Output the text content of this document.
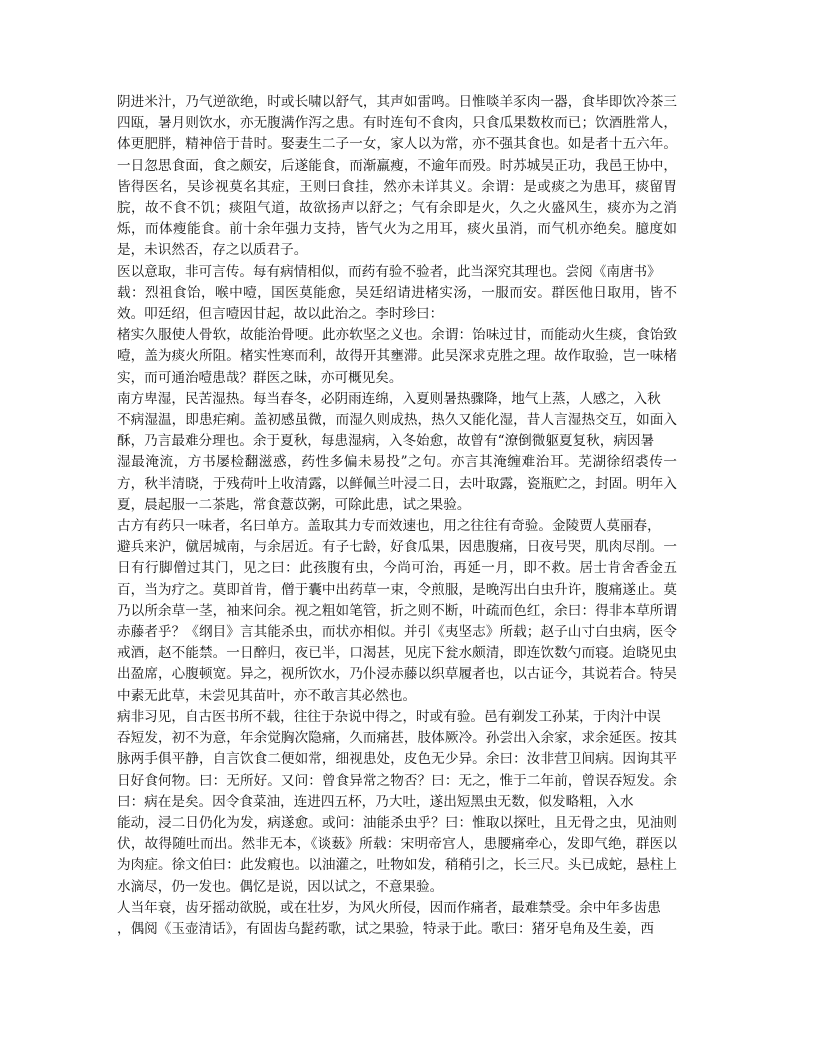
阴进米汁，乃气逆欲绝，时或长啸以舒气，其声如雷鸣。日惟啖羊豕肉一器，食毕即饮冷茶三四瓯，暑月则饮水，亦无腹满作泻之患。有时连旬不食肉，只食瓜果数枚而已；饮酒胜常人，体更肥胖，精神倍于昔时。娶妻生二子一女，家人以为常，亦不强其食也。如是者十五六年。一日忽思食面，食之颇安，后遂能食，而渐羸瘦，不逾年而殁。时苏城吴正功，我邑王协中，皆得医名，吴诊视莫名其症，王则曰食挂，然亦未详其义。余谓：是或痰之为患耳，痰留胃脘，故不食不饥；痰阻气道，故欲扬声以舒之；气有余即是火，久之火盛风生，痰亦为之消烁，而体瘦能食。前十余年强力支持，皆气火为之用耳，痰火虽消，而气机亦绝矣。臆度如是，未识然否，存之以质君子。

医以意取，非可言传。每有病情相似，而药有验不验者，此当深究其理也。尝阅《南唐书》

载：烈祖食饴，喉中噎，国医莫能愈，吴廷绍请进楮实汤，一服而安。群医他日取用，皆不效。叩廷绍，但言噎因甘起，故以此治之。李时珍曰：

楮实久服使人骨软，故能治骨哽。此亦软坚之义也。余谓：饴味过甘，而能动火生痰，食饴致噎，盖为痰火所阻。楮实性寒而利，故得开其壅滞。此吴深求克胜之理。故作取验，岂一味楮实，而可通治噎患哉？群医之昧，亦可概见矣。

南方卑湿，民苦湿热。每当春冬，必阴雨连绵，入夏则暑热骤降，地气上蒸，人感之，入秋

不病湿温，即患疟痢。盖初感虽微，而湿久则成热，热久又能化湿，昔人言湿热交互，如面入酥，乃言最难分理也。余于夏秋，每患湿病，入冬始愈，故曾有“潦倒微躯夏复秋，病因暑

湿最淹流，方书屡检翻滋惑，药性多偏未易投”之句。亦言其淹缠难治耳。芜湖徐绍裘传一方，秋半清晓，于残荷叶上收清露，以鲜佩兰叶浸二日，去叶取露，瓷瓶贮之，封固。明年入夏，晨起服一二茶匙，常食薏苡粥，可除此患，试之果验。

古方有药只一味者，名曰单方。盖取其力专而效速也，用之往往有奇验。金陵贾人莫丽春，

避兵来沪，僦居城南，与余居近。有子七龄，好食瓜果，因患腹痛，日夜号哭，肌肉尽削。一日有行脚僧过其门，见之曰：此孩腹有虫，今尚可治，再延一月，即不救。居士肯舍香金五百，当为疗之。莫即首肯，僧于囊中出药草一束，令煎服，是晚泻出白虫升许，腹痛遂止。莫乃以所余草一茎，袖来问余。视之粗如笔管，折之则不断，叶疏而色红，余曰：得非本草所谓赤藤者乎？《纲目》言其能杀虫，而状亦相似。并引《夷坚志》所载；赵子山寸白虫病，医令戒酒，赵不能禁。一日醉归，夜已半，口渴甚，见庑下瓮水颇清，即连饮数勺而寝。迨晓见虫出盈席，心腹顿宽。异之，视所饮水，乃仆浸赤藤以织草履者也，以古证今，其说若合。特吴中素无此草，未尝见其苗叶，亦不敢言其必然也。

病非习见，自古医书所不载，往往于杂说中得之，时或有验。邑有剃发工孙某，于肉汁中误

吞短发，初不为意，年余觉胸次隐痛，久而痛甚，肢体厥冷。孙尝出入余家，求余延医。按其脉两手俱平静，自言饮食二便如常，细视患处，皮色无少异。余曰：汝非营卫间病。因询其平日好食何物。曰：无所好。又问：曾食异常之物否？曰：无之，惟于二年前，曾误吞短发。余曰：病在是矣。因令食菜油，连进四五杯，乃大吐，遂出短黑虫无数，似发略粗，入水

能动，浸二日仍化为发，病遂愈。或问：油能杀虫乎？曰：惟取以探吐，且无骨之虫，见油则伏，故得随吐而出。然非无本，《谈薮》所载：宋明帝宫人，患腰痛牵心，发即气绝，群医以为肉症。徐文伯曰：此发瘕也。以油灌之，吐物如发，稍稍引之，长三尺。头已成蛇，悬柱上水滴尽，仍一发也。偶忆是说，因以试之，不意果验。

人当年衰，齿牙摇动欲脱，或在壮岁，为风火所侵，因而作痛者，最难禁受。余中年多齿患

，偶阅《玉壶清话》，有固齿乌髭药歌，试之果验，特录于此。歌曰：猪牙皂角及生姜，西
